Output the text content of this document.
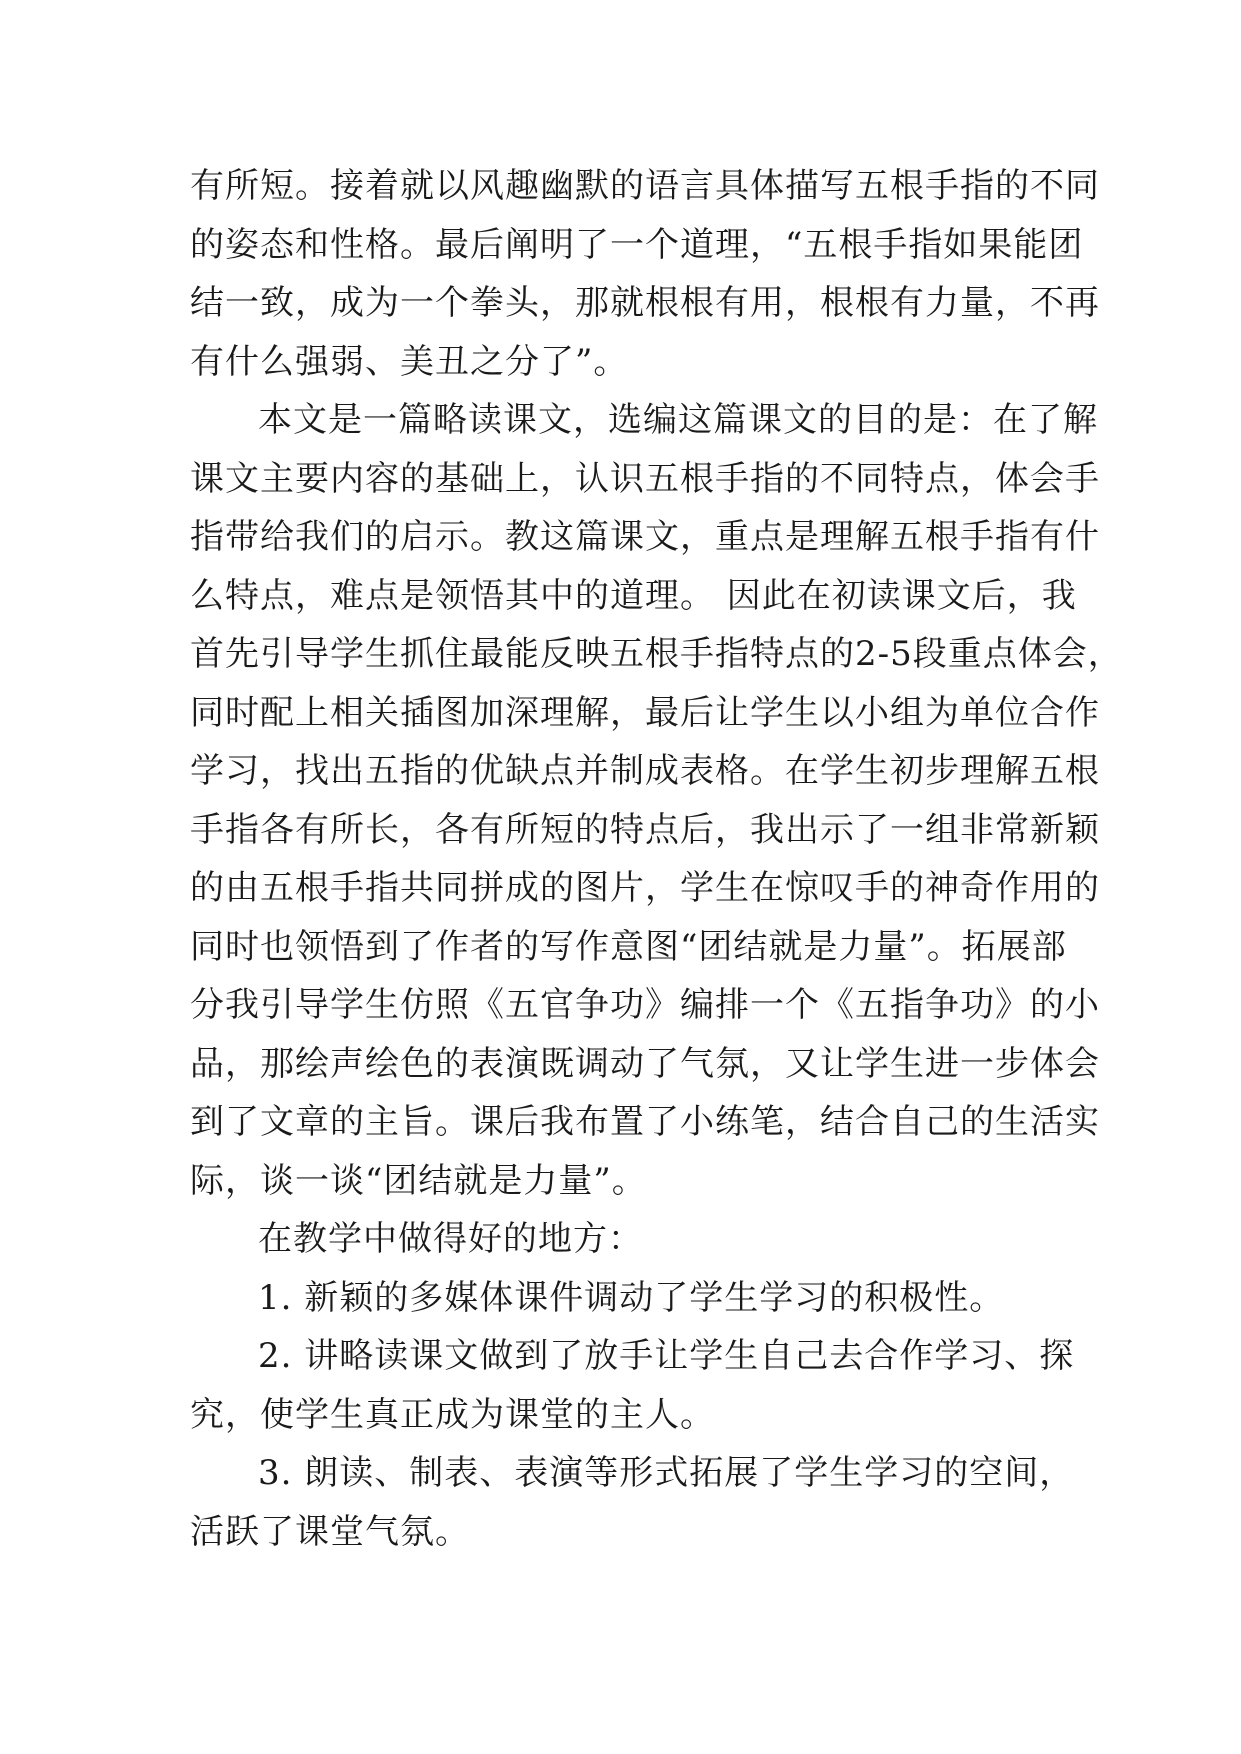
有所短。接着就以风趣幽默的语言具体描写五根手指的不同
的姿态和性格。最后阐明了一个道理，“五根手指如果能团
结一致，成为一个拳头，那就根根有用，根根有力量，不再
有什么强弱、美丑之分了”。
本文是一篇略读课文，选编这篇课文的目的是：在了解
课文主要内容的基础上，认识五根手指的不同特点，体会手
指带给我们的启示。教这篇课文，重点是理解五根手指有什
么特点，难点是领悟其中的道理。 因此在初读课文后，我
首先引导学生抓住最能反映五根手指特点的2-5段重点体会，
同时配上相关插图加深理解，最后让学生以小组为单位合作
学习，找出五指的优缺点并制成表格。在学生初步理解五根
手指各有所长，各有所短的特点后，我出示了一组非常新颖
的由五根手指共同拼成的图片，学生在惊叹手的神奇作用的
同时也领悟到了作者的写作意图“团结就是力量”。拓展部
分我引导学生仿照《五官争功》编排一个《五指争功》的小
品，那绘声绘色的表演既调动了气氛，又让学生进一步体会
到了文章的主旨。课后我布置了小练笔，结合自己的生活实
际，谈一谈“团结就是力量”。
在教学中做得好的地方：
1. 新颖的多媒体课件调动了学生学习的积极性。
2. 讲略读课文做到了放手让学生自己去合作学习、探
究，使学生真正成为课堂的主人。
3. 朗读、制表、表演等形式拓展了学生学习的空间，
活跃了课堂气氛。
